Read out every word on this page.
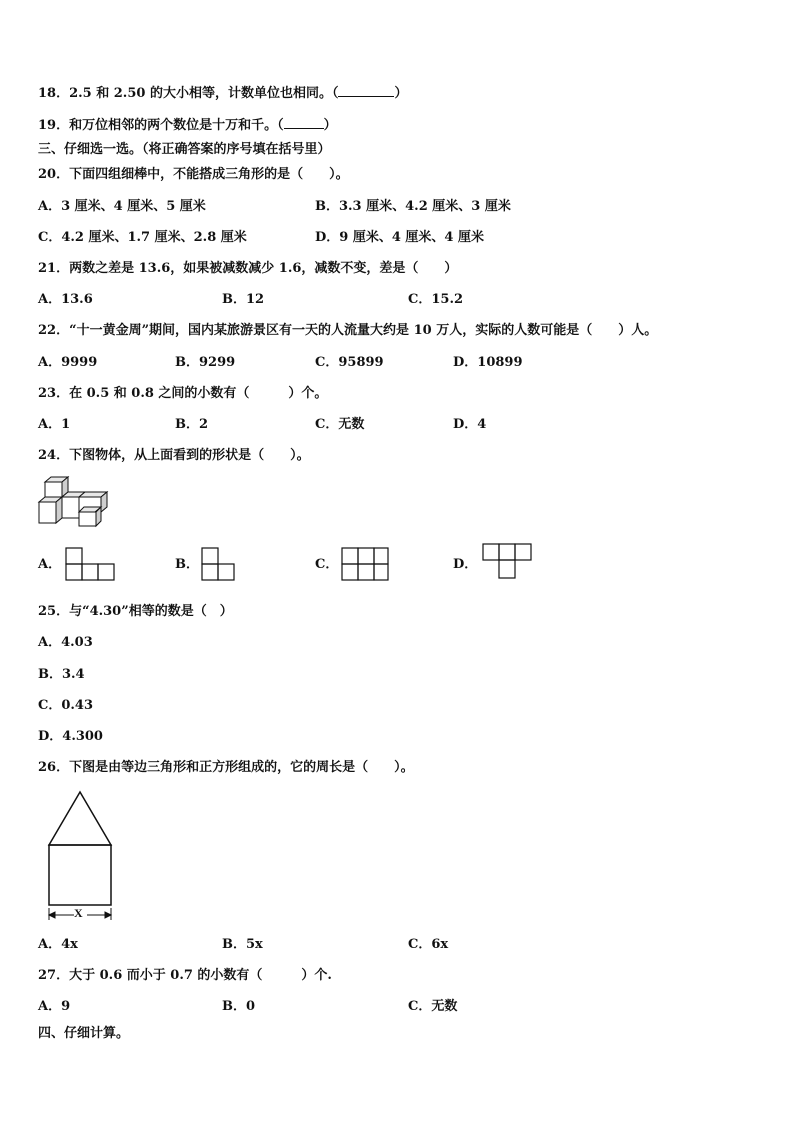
18．2.5 和 2.50 的大小相等，计数单位也相同。（	）
19．和万位相邻的两个数位是十万和千。（	）
三、仔细选一选。（将正确答案的序号填在括号里）
20．下面四组细棒中，不能搭成三角形的是（　　）。
A．3 厘米、4 厘米、5 厘米	B．3.3 厘米、4.2 厘米、3 厘米
C．4.2 厘米、1.7 厘米、2.8 厘米	D．9 厘米、4 厘米、4 厘米
21．两数之差是 13.6，如果被减数减少 1.6，减数不变，差是（　　）
A．13.6	B．12	C．15.2
22．“十一黄金周”期间，国内某旅游景区有一天的人流量大约是 10 万人，实际的人数可能是（　　）人。
A．9999	B．9299	C．95899	D．10899
23．在 0.5 和 0.8 之间的小数有（　　　）个。
A．1	B．2	C．无数	D．4
24．下图物体，从上面看到的形状是（　　）。
A．	B．	C．	D．
25．与“4.30”相等的数是（　）
A．4.03
B．3.4
C．0.43
D．4.300
26．下图是由等边三角形和正方形组成的，它的周长是（　　）。
X
A．4x	B．5x	C．6x
27．大于 0.6 而小于 0.7 的小数有（　　　）个.
A．9	B．0	C．无数
四、仔细计算。
